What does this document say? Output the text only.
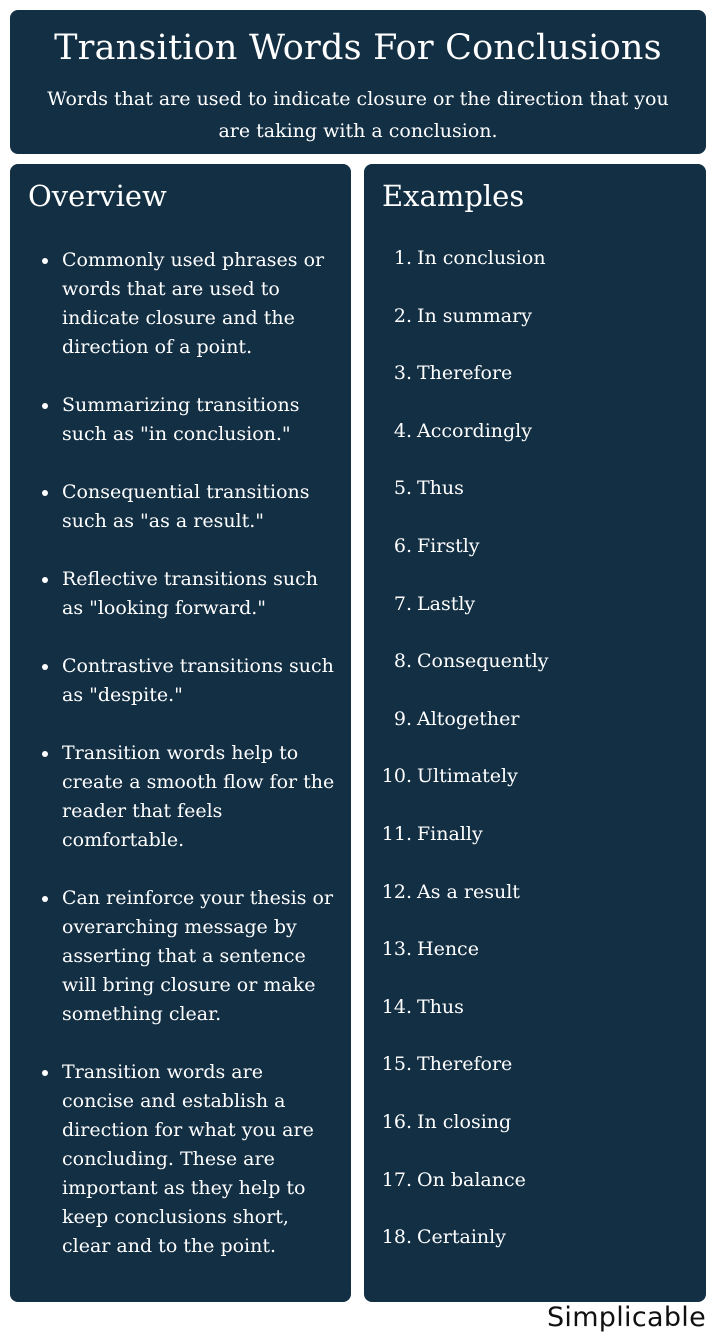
Transition Words For Conclusions

Words that are used to indicate closure or the direction that you are taking with a conclusion.

Overview
Commonly used phrases or words that are used to indicate closure and the direction of a point.
Summarizing transitions such as "in conclusion."
Consequential transitions such as "as a result."
Reflective transitions such as "looking forward."
Contrastive transitions such as "despite."
Transition words help to create a smooth flow for the reader that feels comfortable.
Can reinforce your thesis or overarching message by asserting that a sentence will bring closure or make something clear.
Transition words are concise and establish a direction for what you are concluding. These are important as they help to keep conclusions short, clear and to the point.
Examples
1. In conclusion
2. In summary
3. Therefore
4. Accordingly
5. Thus
6. Firstly
7. Lastly
8. Consequently
9. Altogether
10. Ultimately
11. Finally
12. As a result
13. Hence
14. Thus
15. Therefore
16. In closing
17. On balance
18. Certainly
Simplicable
